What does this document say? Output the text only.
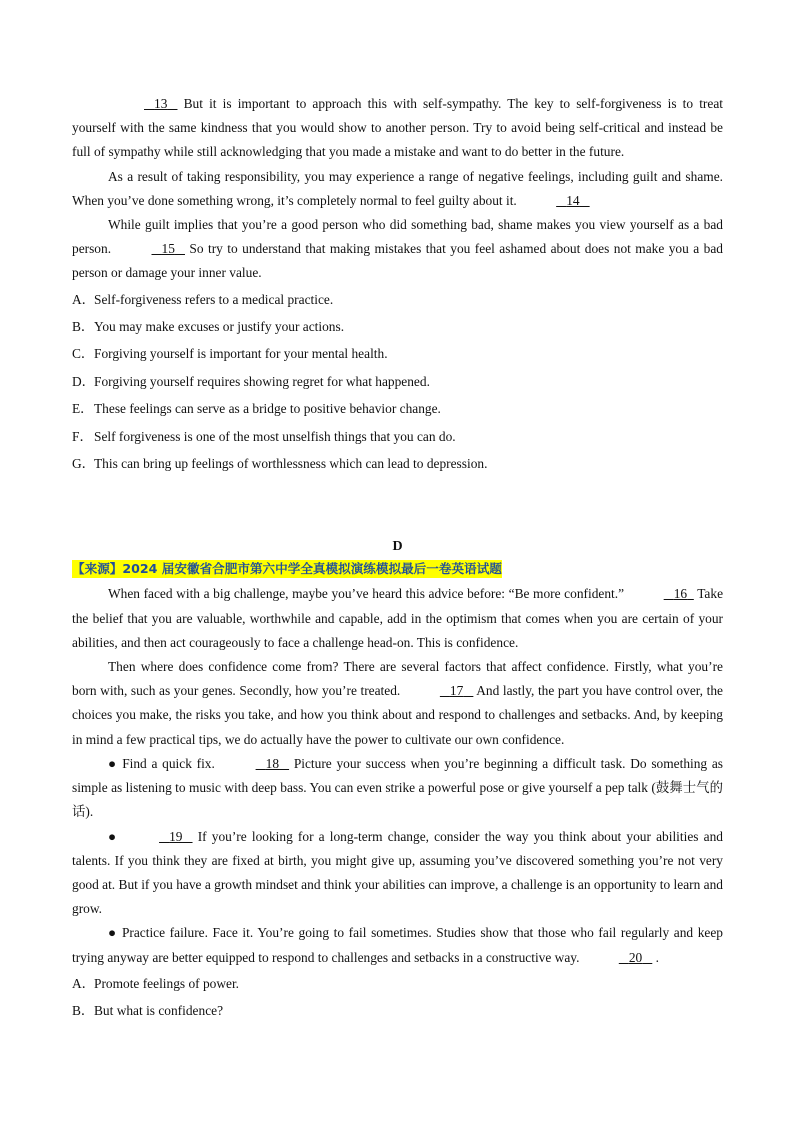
13 But it is important to approach this with self-sympathy. The key to self-forgiveness is to treat yourself with the same kindness that you would show to another person. Try to avoid being self-critical and instead be full of sympathy while still acknowledging that you made a mistake and want to do better in the future.

As a result of taking responsibility, you may experience a range of negative feelings, including guilt and shame. When you’ve done something wrong, it’s completely normal to feel guilty about it.	14

While guilt implies that you’re a good person who did something bad, shame makes you view yourself as a bad person.	15 So try to understand that making mistakes that you feel ashamed about does not make you a bad person or damage your inner value.

A．Self-forgiveness refers to a medical practice.

B．You may make excuses or justify your actions.

C．Forgiving yourself is important for your mental health.

D．Forgiving yourself requires showing regret for what happened.

E．These feelings can serve as a bridge to positive behavior change.

F．Self forgiveness is one of the most unselfish things that you can do.

G．This can bring up feelings of worthlessness which can lead to depression.

D

【来源】2024 届安徽省合肥市第六中学全真模拟演练模拟最后一卷英语试题

When faced with a big challenge, maybe you’ve heard this advice before: “Be more confident.”	16 Take the belief that you are valuable, worthwhile and capable, add in the optimism that comes when you are certain of your abilities, and then act courageously to face a challenge head-on. This is confidence.

Then where does confidence come from? There are several factors that affect confidence. Firstly, what you’re born with, such as your genes. Secondly, how you’re treated.	17 And lastly, the part you have control over, the choices you make, the risks you take, and how you think about and respond to challenges and setbacks. And, by keeping in mind a few practical tips, we do actually have the power to cultivate our own confidence.

● Find a quick fix.	18 Picture your success when you’re beginning a difficult task. Do something as simple as listening to music with deep bass. You can even strike a powerful pose or give yourself a pep talk (鼓舞士气的话).

●	19 If you’re looking for a long-term change, consider the way you think about your abilities and talents. If you think they are fixed at birth, you might give up, assuming you’ve discovered something you’re not very good at. But if you have a growth mindset and think your abilities can improve, a challenge is an opportunity to learn and grow.

● Practice failure. Face it. You’re going to fail sometimes. Studies show that those who fail regularly and keep trying anyway are better equipped to respond to challenges and setbacks in a constructive way.	20 .

A．Promote feelings of power.

B．But what is confidence?
